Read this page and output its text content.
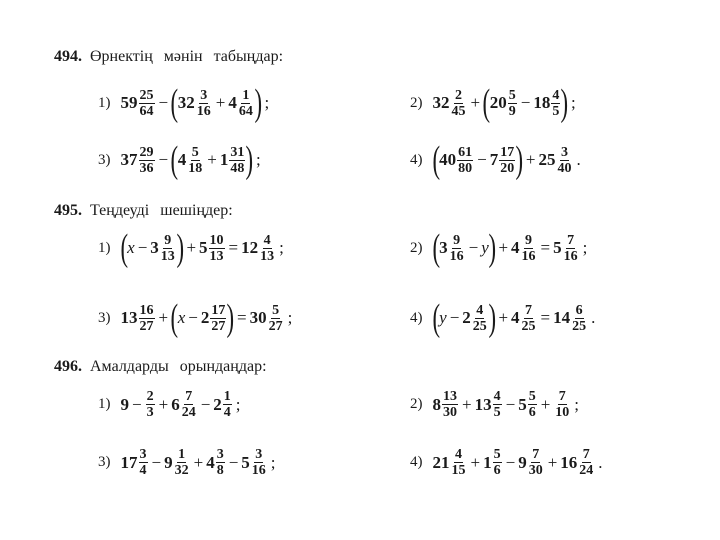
494. Өрнектің мәнін табыңдар:
1) $59 \frac{25}{64}$ − ( $32 \frac{3}{16} + 4 \frac{1}{64}$ ) ;	2) $32 \frac{2}{45}$ + ( $20 \frac{5}{9} - 18 \frac{4}{5}$ ) ;
3) $37 \frac{29}{36}$ − ( $4 \frac{5}{18} + 1 \frac{31}{48}$ ) ;	4) ( $40 \frac{61}{80} - 7 \frac{17}{20}$ ) + $25 \frac{3}{40}$ .
495. Теңдеуді шешіңдер:
1) ( $x - 3 \frac{9}{13}$ ) + $5 \frac{10}{13} = 12 \frac{4}{13}$ ;	2) ( $3 \frac{9}{16} - y$ ) + $4 \frac{9}{16} = 5 \frac{7}{16}$ ;
3) $13 \frac{16}{27}$ + ( $x - 2 \frac{17}{27}$ ) = $30 \frac{5}{27}$ ;	4) ( $y - 2 \frac{4}{25}$ ) + $4 \frac{7}{25} = 14 \frac{6}{25}$ .
496. Амалдарды орындаңдар:
1) $9 - \frac{2}{3} + 6 \frac{7}{24} - 2 \frac{1}{4}$ ;	2) $8 \frac{13}{30} + 13 \frac{4}{5} - 5 \frac{5}{6} + \frac{7}{10}$ ;
3) $17 \frac{3}{4} - 9 \frac{1}{32} + 4 \frac{3}{8} - 5 \frac{3}{16}$ ;	4) $21 \frac{4}{15} + 1 \frac{5}{6} - 9 \frac{7}{30} + 16 \frac{7}{24}$ .
